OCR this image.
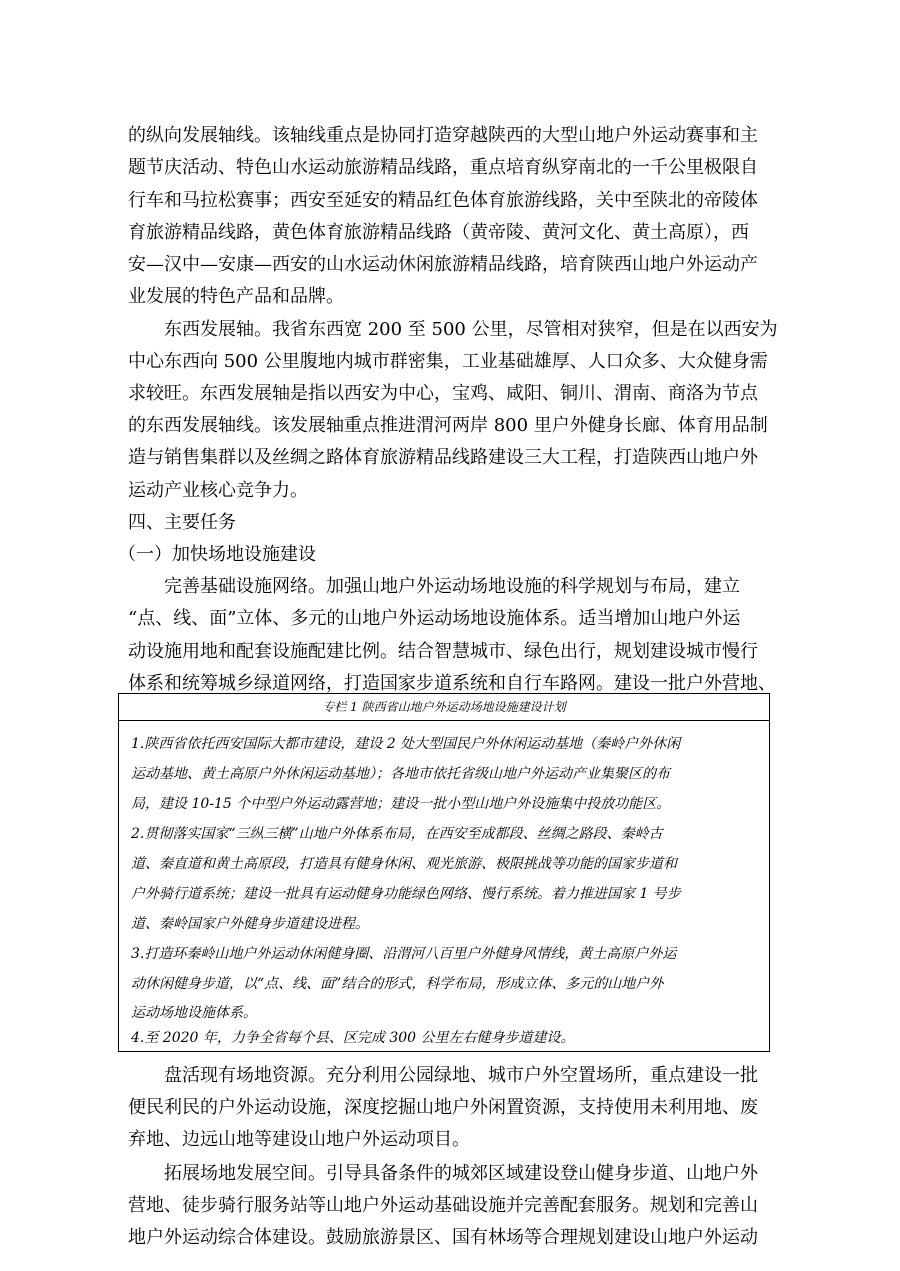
的纵向发展轴线。该轴线重点是协同打造穿越陕西的大型山地户外运动赛事和主
题节庆活动、特色山水运动旅游精品线路，重点培育纵穿南北的一千公里极限自
行车和马拉松赛事；西安至延安的精品红色体育旅游线路，关中至陕北的帝陵体
育旅游精品线路，黄色体育旅游精品线路（黄帝陵、黄河文化、黄土高原），西
安—汉中—安康—西安的山水运动休闲旅游精品线路，培育陕西山地户外运动产
业发展的特色产品和品牌。
东西发展轴。我省东西宽 200 至 500 公里，尽管相对狭窄，但是在以西安为
中心东西向 500 公里腹地内城市群密集，工业基础雄厚、人口众多、大众健身需
求较旺。东西发展轴是指以西安为中心，宝鸡、咸阳、铜川、渭南、商洛为节点
的东西发展轴线。该发展轴重点推进渭河两岸 800 里户外健身长廊、体育用品制
造与销售集群以及丝绸之路体育旅游精品线路建设三大工程，打造陕西山地户外
运动产业核心竞争力。
四、主要任务
（一）加快场地设施建设
完善基础设施网络。加强山地户外运动场地设施的科学规划与布局，建立
“点、线、面”立体、多元的山地户外运动场地设施体系。适当增加山地户外运
动设施用地和配套设施配建比例。结合智慧城市、绿色出行，规划建设城市慢行
体系和统筹城乡绿道网络，打造国家步道系统和自行车路网。建设一批户外营地、
专栏 1 陕西省山地户外运动场地设施建设计划
1.陕西省依托西安国际大都市建设，建设 2 处大型国民户外休闲运动基地（秦岭户外休闲
运动基地、黄土高原户外休闲运动基地）；各地市依托省级山地户外运动产业集聚区的布
局，建设 10-15 个中型户外运动露营地；建设一批小型山地户外设施集中投放功能区。
2.贯彻落实国家“三纵三横”山地户外体系布局，在西安至成都段、丝绸之路段、秦岭古
道、秦直道和黄土高原段，打造具有健身休闲、观光旅游、极限挑战等功能的国家步道和
户外骑行道系统；建设一批具有运动健身功能绿色网络、慢行系统。着力推进国家 1 号步
道、秦岭国家户外健身步道建设进程。
3.打造环秦岭山地户外运动休闲健身圈、沿渭河八百里户外健身风情线，黄土高原户外运
动休闲健身步道，以“点、线、面”结合的形式，科学布局，形成立体、多元的山地户外
运动场地设施体系。
4.至 2020 年，力争全省每个县、区完成 300 公里左右健身步道建设。
盘活现有场地资源。充分利用公园绿地、城市户外空置场所，重点建设一批
便民利民的户外运动设施，深度挖掘山地户外闲置资源，支持使用未利用地、废
弃地、边远山地等建设山地户外运动项目。
拓展场地发展空间。引导具备条件的城郊区域建设登山健身步道、山地户外
营地、徒步骑行服务站等山地户外运动基础设施并完善配套服务。规划和完善山
地户外运动综合体建设。鼓励旅游景区、国有林场等合理规划建设山地户外运动
